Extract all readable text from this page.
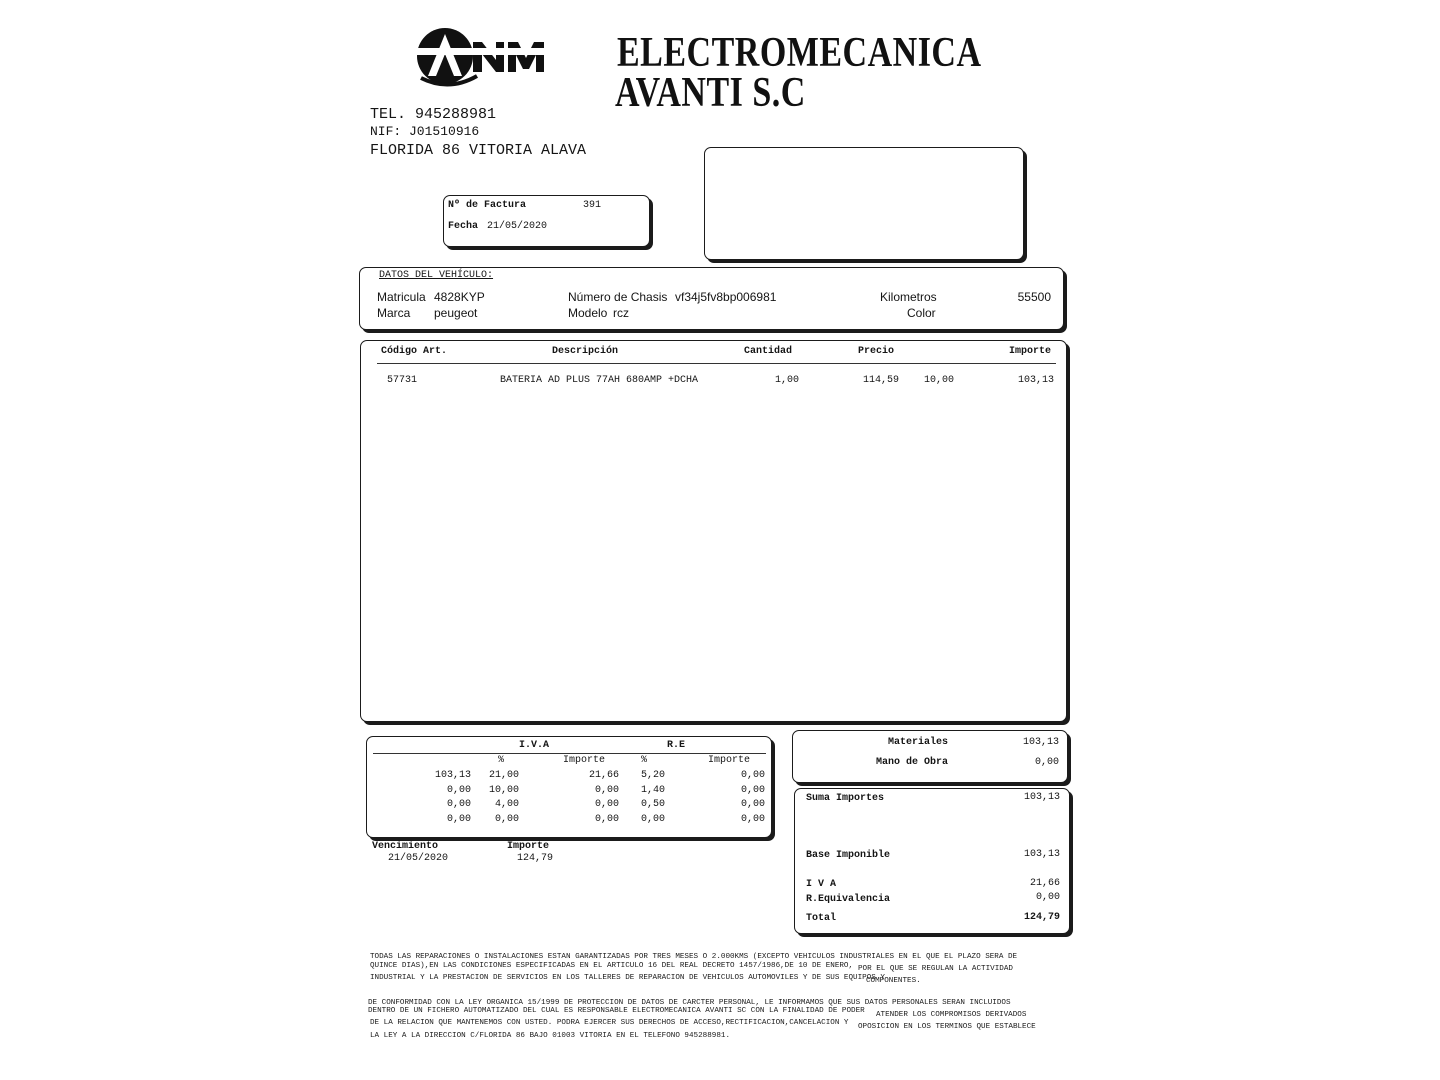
ELECTROMECANICA
AVANTI S.C
TEL. 945288981
NIF: J01510916
FLORIDA 86 VITORIA ALAVA
Nº de Factura	391
Fecha 21/05/2020
DATOS DEL VEHÍCULO:
Matricula 4828KYP	Número de Chasis vf34j5fv8bp006981	Kilometros	55500
Marca peugeot	Modelo rcz	Color
Código Art.	Descripción	Cantidad	Precio	Importe
57731	BATERIA AD PLUS 77AH 680AMP +DCHA	1,00	114,59 10,00	103,13
I.V.A	R.E
%	Importe	%	Importe
103,13 21,00	21,66 5,20	0,00
0,00 10,00	0,00 1,40	0,00
0,00 4,00	0,00 0,50	0,00
0,00 0,00	0,00 0,00	0,00
Vencimiento	Importe
21/05/2020	124,79
Materiales	103,13
Mano de Obra	0,00
Suma Importes	103,13
Base Imponible	103,13
I V A	21,66
R.Equivalencia	0,00
Total	124,79
TODAS LAS REPARACIONES O INSTALACIONES ESTAN GARANTIZADAS POR TRES MESES O 2.000KMS (EXCEPTO VEHICULOS INDUSTRIALES EN EL QUE EL PLAZO SERA DE
QUINCE DIAS),EN LAS CONDICIONES ESPECIFICADAS EN EL ARTICULO 16 DEL REAL DECRETO 1457/1986,DE 10 DE ENERO, POR EL QUE SE REGULAN LA ACTIVIDAD
INDUSTRIAL Y LA PRESTACION DE SERVICIOS EN LOS TALLERES DE REPARACION DE VEHICULOS AUTOMOVILES Y DE SUS EQUIPOS Y
COMPONENTES.
DE CONFORMIDAD CON LA LEY ORGANICA 15/1999 DE PROTECCION DE DATOS DE CARCTER PERSONAL, LE INFORMAMOS QUE SUS DATOS PERSONALES SERAN INCLUIDOS
DENTRO DE UN FICHERO AUTOMATIZADO DEL CUAL ES RESPONSABLE ELECTROMECANICA AVANTI SC CON LA FINALIDAD DE PODER ATENDER LOS COMPROMISOS DERIVADOS
DE LA RELACION QUE MANTENEMOS CON USTED. PODRA EJERCER SUS DERECHOS DE ACCESO,RECTIFICACION,CANCELACION Y OPOSICION EN LOS TERMINOS QUE ESTABLECE
LA LEY A LA DIRECCION C/FLORIDA 86 BAJO 01003 VITORIA EN EL TELEFONO 945288981.
